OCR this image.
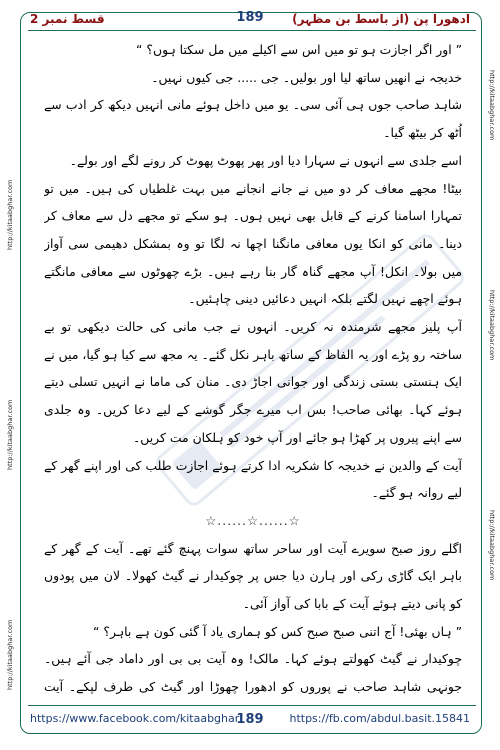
ادھورا پن (از باسط بن مظہر)
189
قسط نمبر 2
http://kitaabghar.com
http://kitaabghar.com
http://kitaabghar.com
http://kitaabghar.com
http://kitaabghar.com
http://kitaabghar.com

” اور اگر اجازت ہو تو میں اس سے اکیلے میں مل سکتا ہوں؟ “

خدیجہ نے انھیں ساتھ لیا اور بولیں۔ جی ..... جی کیوں نہیں۔

شاہد صاحب جوں ہی آئی سی۔ یو میں داخل ہوئے مانی انہیں دیکھ کر ادب سے اُٹھ کر بیٹھ گیا۔

اسے جلدی سے انہوں نے سہارا دیا اور پھر پھوٹ پھوٹ کر رونے لگے اور بولے۔

بیٹا! مجھے معاف کر دو میں نے جانے انجانے میں بہت غلطیاں کی ہیں۔ میں تو تمہارا اسامنا کرنے کے قابل بھی نہیں ہوں۔ ہو سکے تو مجھے دل سے معاف کر دینا۔ مانی کو انکا یوں معافی مانگنا اچھا نہ لگا تو وہ بمشکل دھیمی سی آواز میں بولا۔ انکل! آپ مجھے گناہ گار بنا رہے ہیں۔ بڑے چھوٹوں سے معافی مانگتے ہوئے اچھے نہیں لگتے بلکہ انہیں دعائیں دینی چاہئیں۔

آپ پلیز مجھے شرمندہ نہ کریں۔ انہوں نے جب مانی کی حالت دیکھی تو بے ساختہ رو پڑے اور یہ الفاظ کے ساتھ باہر نکل گئے۔ یہ مجھ سے کیا ہو گیا، میں نے ایک ہنستی بستی زندگی اور جوانی اجاڑ دی۔ منان کی ماما نے انہیں تسلی دیتے ہوئے کہا۔ بھائی صاحب! بس اب میرے جگر گوشے کے لیے دعا کریں۔ وہ جلدی سے اپنے پیروں پر کھڑا ہو جائے اور آپ خود کو ہلکان مت کریں۔

آیت کے والدین نے خدیجہ کا شکریہ ادا کرتے ہوئے اجازت طلب کی اور اپنے گھر کے لیے روانہ ہو گئے۔

☆......☆......☆

اگلے روز صبح سویرے آیت اور ساحر ساتھ سوات پہنچ گئے تھے۔ آیت کے گھر کے باہر ایک گاڑی رکی اور ہارن دیا جس پر چوکیدار نے گیٹ کھولا۔ لان میں پودوں کو پانی دیتے ہوئے آیت کے بابا کی آواز آئی۔

” ہاں بھئی! آج اتنی صبح صبح کس کو ہماری یاد آ گئی کون ہے باہر؟ “

چوکیدار نے گیٹ کھولتے ہوئے کہا۔ مالک! وہ آیت بی بی اور داماد جی آئے ہیں۔ جونہی شاہد صاحب نے پوروں کو ادھورا چھوڑا اور گیٹ کی طرف لپکے۔ آیت

https://www.facebook.com/kitaabghar
189	https://fb.com/abdul.basit.15841
